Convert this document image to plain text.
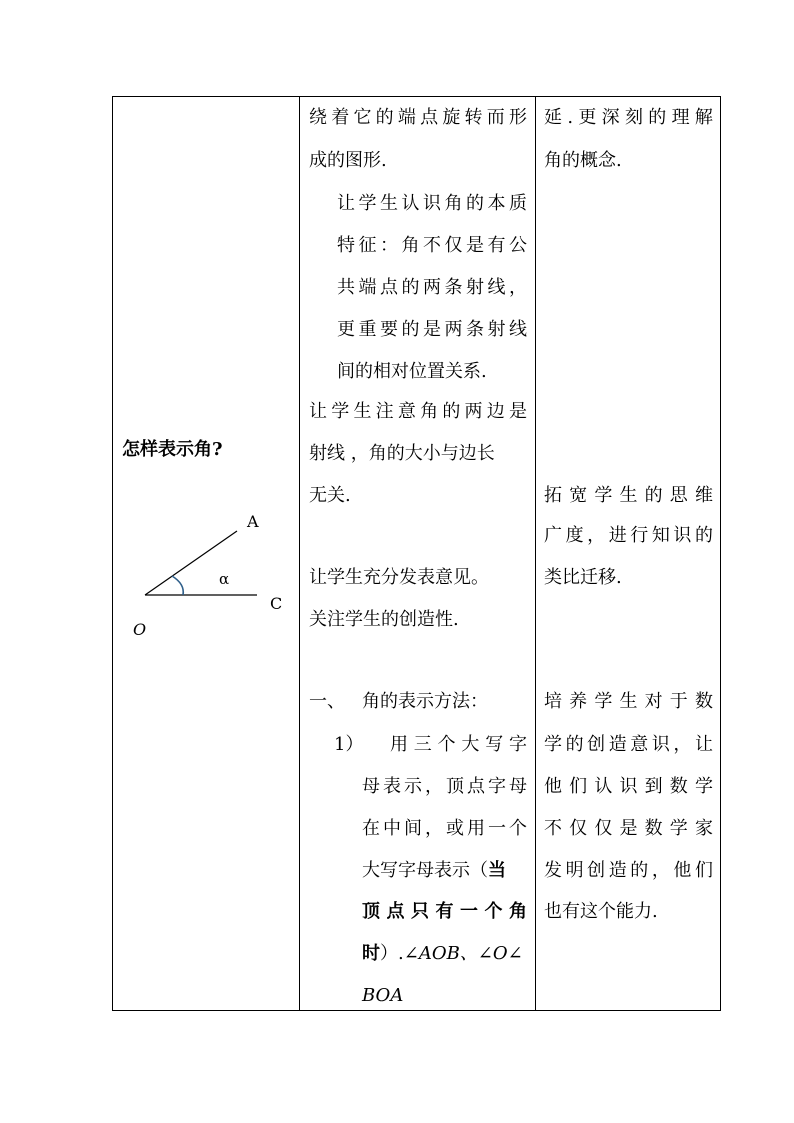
怎样表示角?
A
α
C
O
绕 着 它 的 端 点 旋 转 而 形
成的图形.
让 学 生 认 识 角 的 本 质
特 征 ： 角 不 仅 是 有 公
共 端 点 的 两 条 射 线 ，
更 重 要 的 是 两 条 射 线
间的相对位置关系.
让 学 生 注 意 角 的 两 边 是
射线 ，角的大小与边长
无关.
让学生充分发表意见。
关注学生的创造性.
一、 角的表示方法：
1） 用 三 个 大 写 字
母 表 示 ， 顶 点 字 母
在 中 间 ， 或 用 一 个
大写字母表示（当
顶 点 只 有 一 个 角
时）.∠AOB、∠O∠
BOA
延 . 更 深 刻 的 理 解
角的概念.
拓 宽 学 生 的 思 维
广 度 ， 进 行 知 识 的
类比迁移.
培 养 学 生 对 于 数
学 的 创 造 意 识 ， 让
他 们 认 识 到 数 学
不 仅 仅 是 数 学 家
发 明 创 造 的 ， 他 们
也有这个能力.
